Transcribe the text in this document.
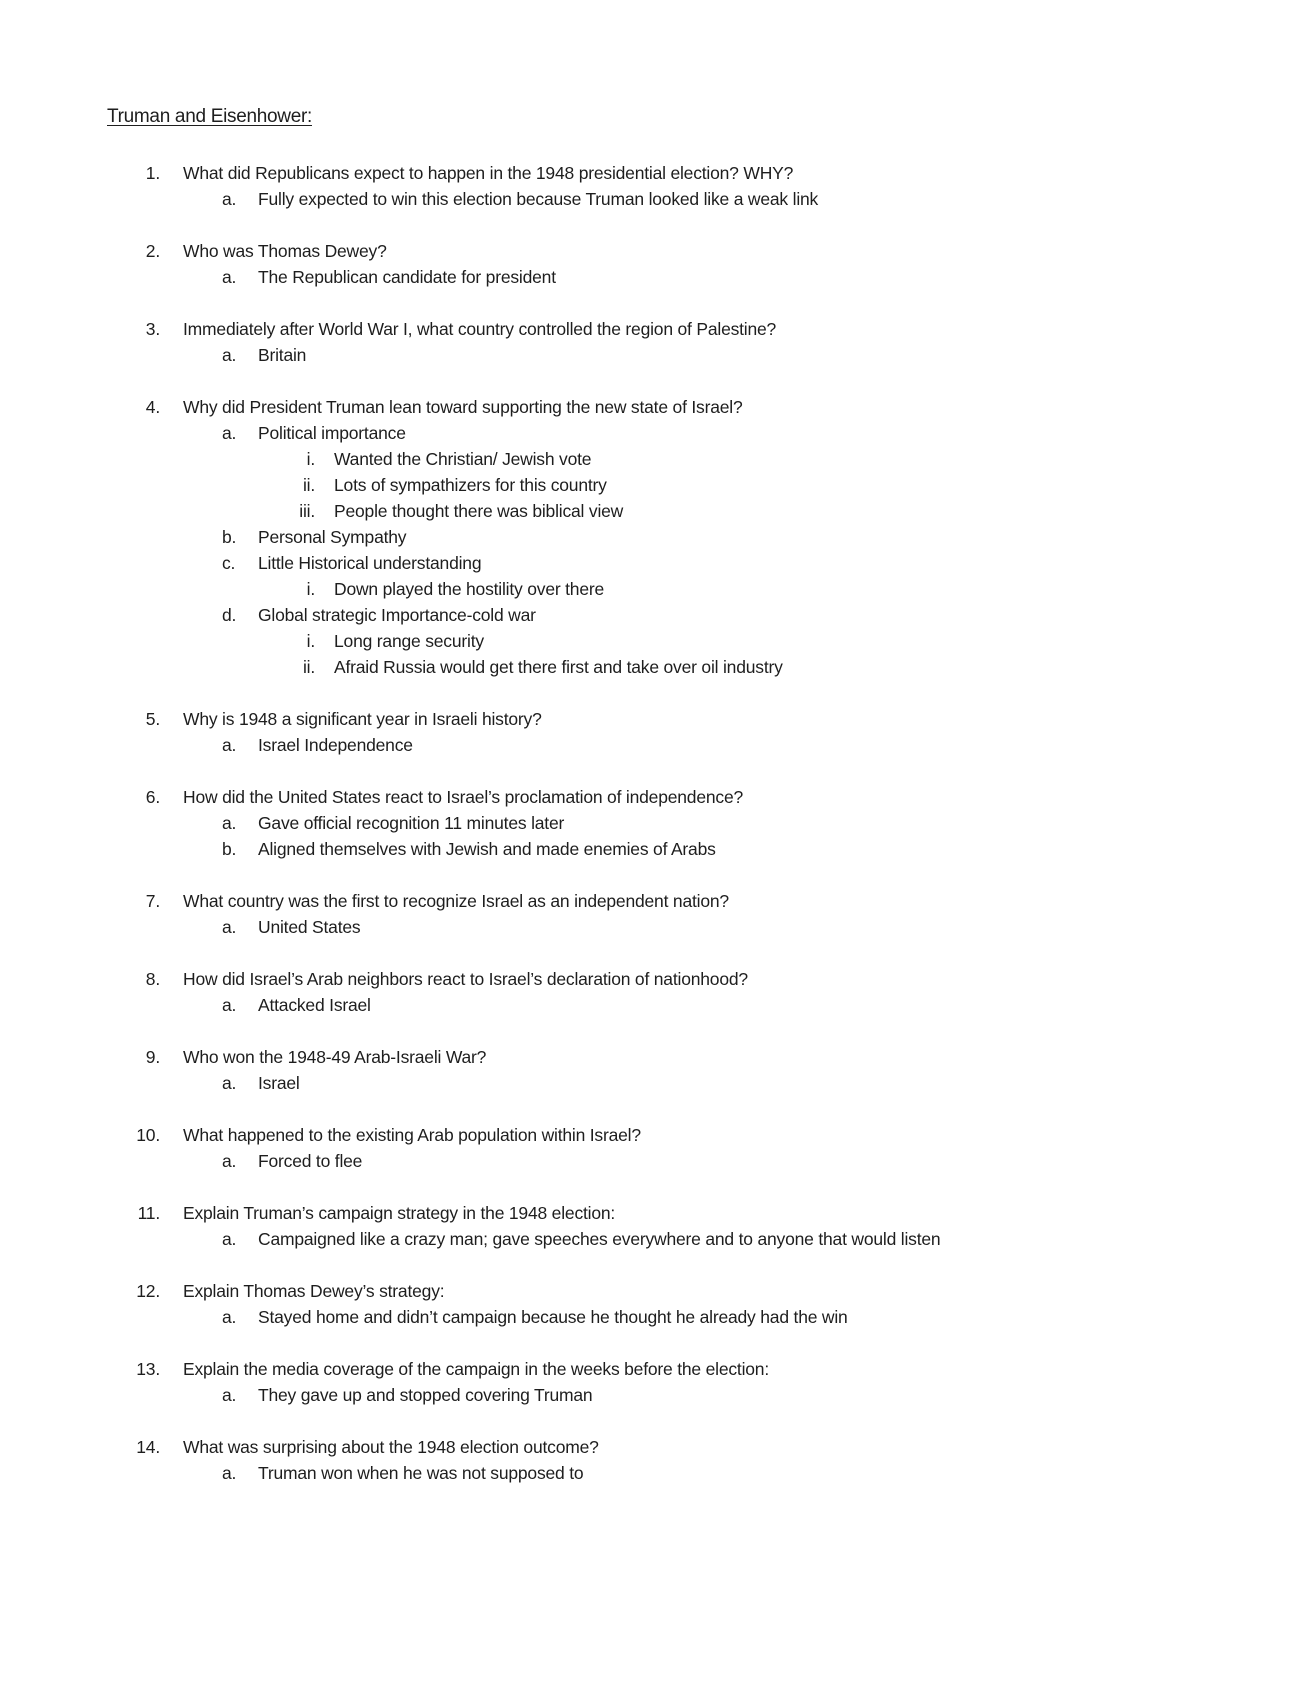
Truman and Eisenhower:
1. What did Republicans expect to happen in the 1948 presidential election? WHY?
a. Fully expected to win this election because Truman looked like a weak link
2. Who was Thomas Dewey?
a. The Republican candidate for president
3. Immediately after World War I, what country controlled the region of Palestine?
a. Britain
4. Why did President Truman lean toward supporting the new state of Israel?
a. Political importance
i. Wanted the Christian/ Jewish vote
ii. Lots of sympathizers for this country
iii. People thought there was biblical view
b. Personal Sympathy
c. Little Historical understanding
i. Down played the hostility over there
d. Global strategic Importance-cold war
i. Long range security
ii. Afraid Russia would get there first and take over oil industry
5. Why is 1948 a significant year in Israeli history?
a. Israel Independence
6. How did the United States react to Israel’s proclamation of independence?
a. Gave official recognition 11 minutes later
b. Aligned themselves with Jewish and made enemies of Arabs
7. What country was the first to recognize Israel as an independent nation?
a. United States
8. How did Israel’s Arab neighbors react to Israel’s declaration of nationhood?
a. Attacked Israel
9. Who won the 1948-49 Arab-Israeli War?
a. Israel
10. What happened to the existing Arab population within Israel?
a. Forced to flee
11. Explain Truman’s campaign strategy in the 1948 election:
a. Campaigned like a crazy man; gave speeches everywhere and to anyone that would listen
12. Explain Thomas Dewey’s strategy:
a. Stayed home and didn’t campaign because he thought he already had the win
13. Explain the media coverage of the campaign in the weeks before the election:
a. They gave up and stopped covering Truman
14. What was surprising about the 1948 election outcome?
a. Truman won when he was not supposed to
